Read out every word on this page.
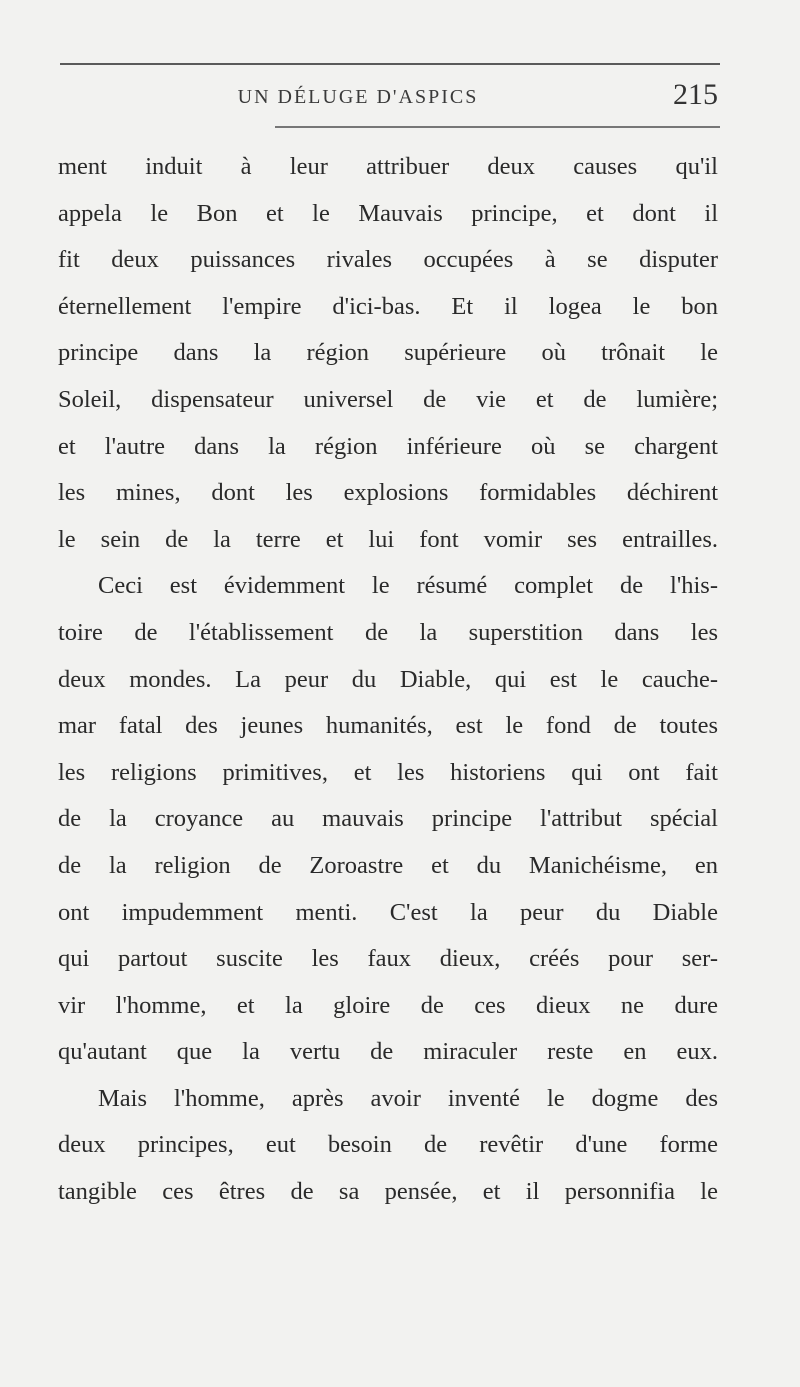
UN DÉLUGE D'ASPICS	215
ment induit à leur attribuer deux causes qu'il
appela le Bon et le Mauvais principe, et dont il
fit deux puissances rivales occupées à se disputer
éternellement l'empire d'ici-bas. Et il logea le bon
principe dans la région supérieure où trônait le
Soleil, dispensateur universel de vie et de lumière;
et l'autre dans la région inférieure où se chargent
les mines, dont les explosions formidables déchirent
le sein de la terre et lui font vomir ses entrailles.
Ceci est évidemment le résumé complet de l'his-
toire de l'établissement de la superstition dans les
deux mondes. La peur du Diable, qui est le cauche-
mar fatal des jeunes humanités, est le fond de toutes
les religions primitives, et les historiens qui ont fait
de la croyance au mauvais principe l'attribut spécial
de la religion de Zoroastre et du Manichéisme, en
ont impudemment menti. C'est la peur du Diable
qui partout suscite les faux dieux, créés pour ser-
vir l'homme, et la gloire de ces dieux ne dure
qu'autant que la vertu de miraculer reste en eux.
Mais l'homme, après avoir inventé le dogme des
deux principes, eut besoin de revêtir d'une forme
tangible ces êtres de sa pensée, et il personnifia le
